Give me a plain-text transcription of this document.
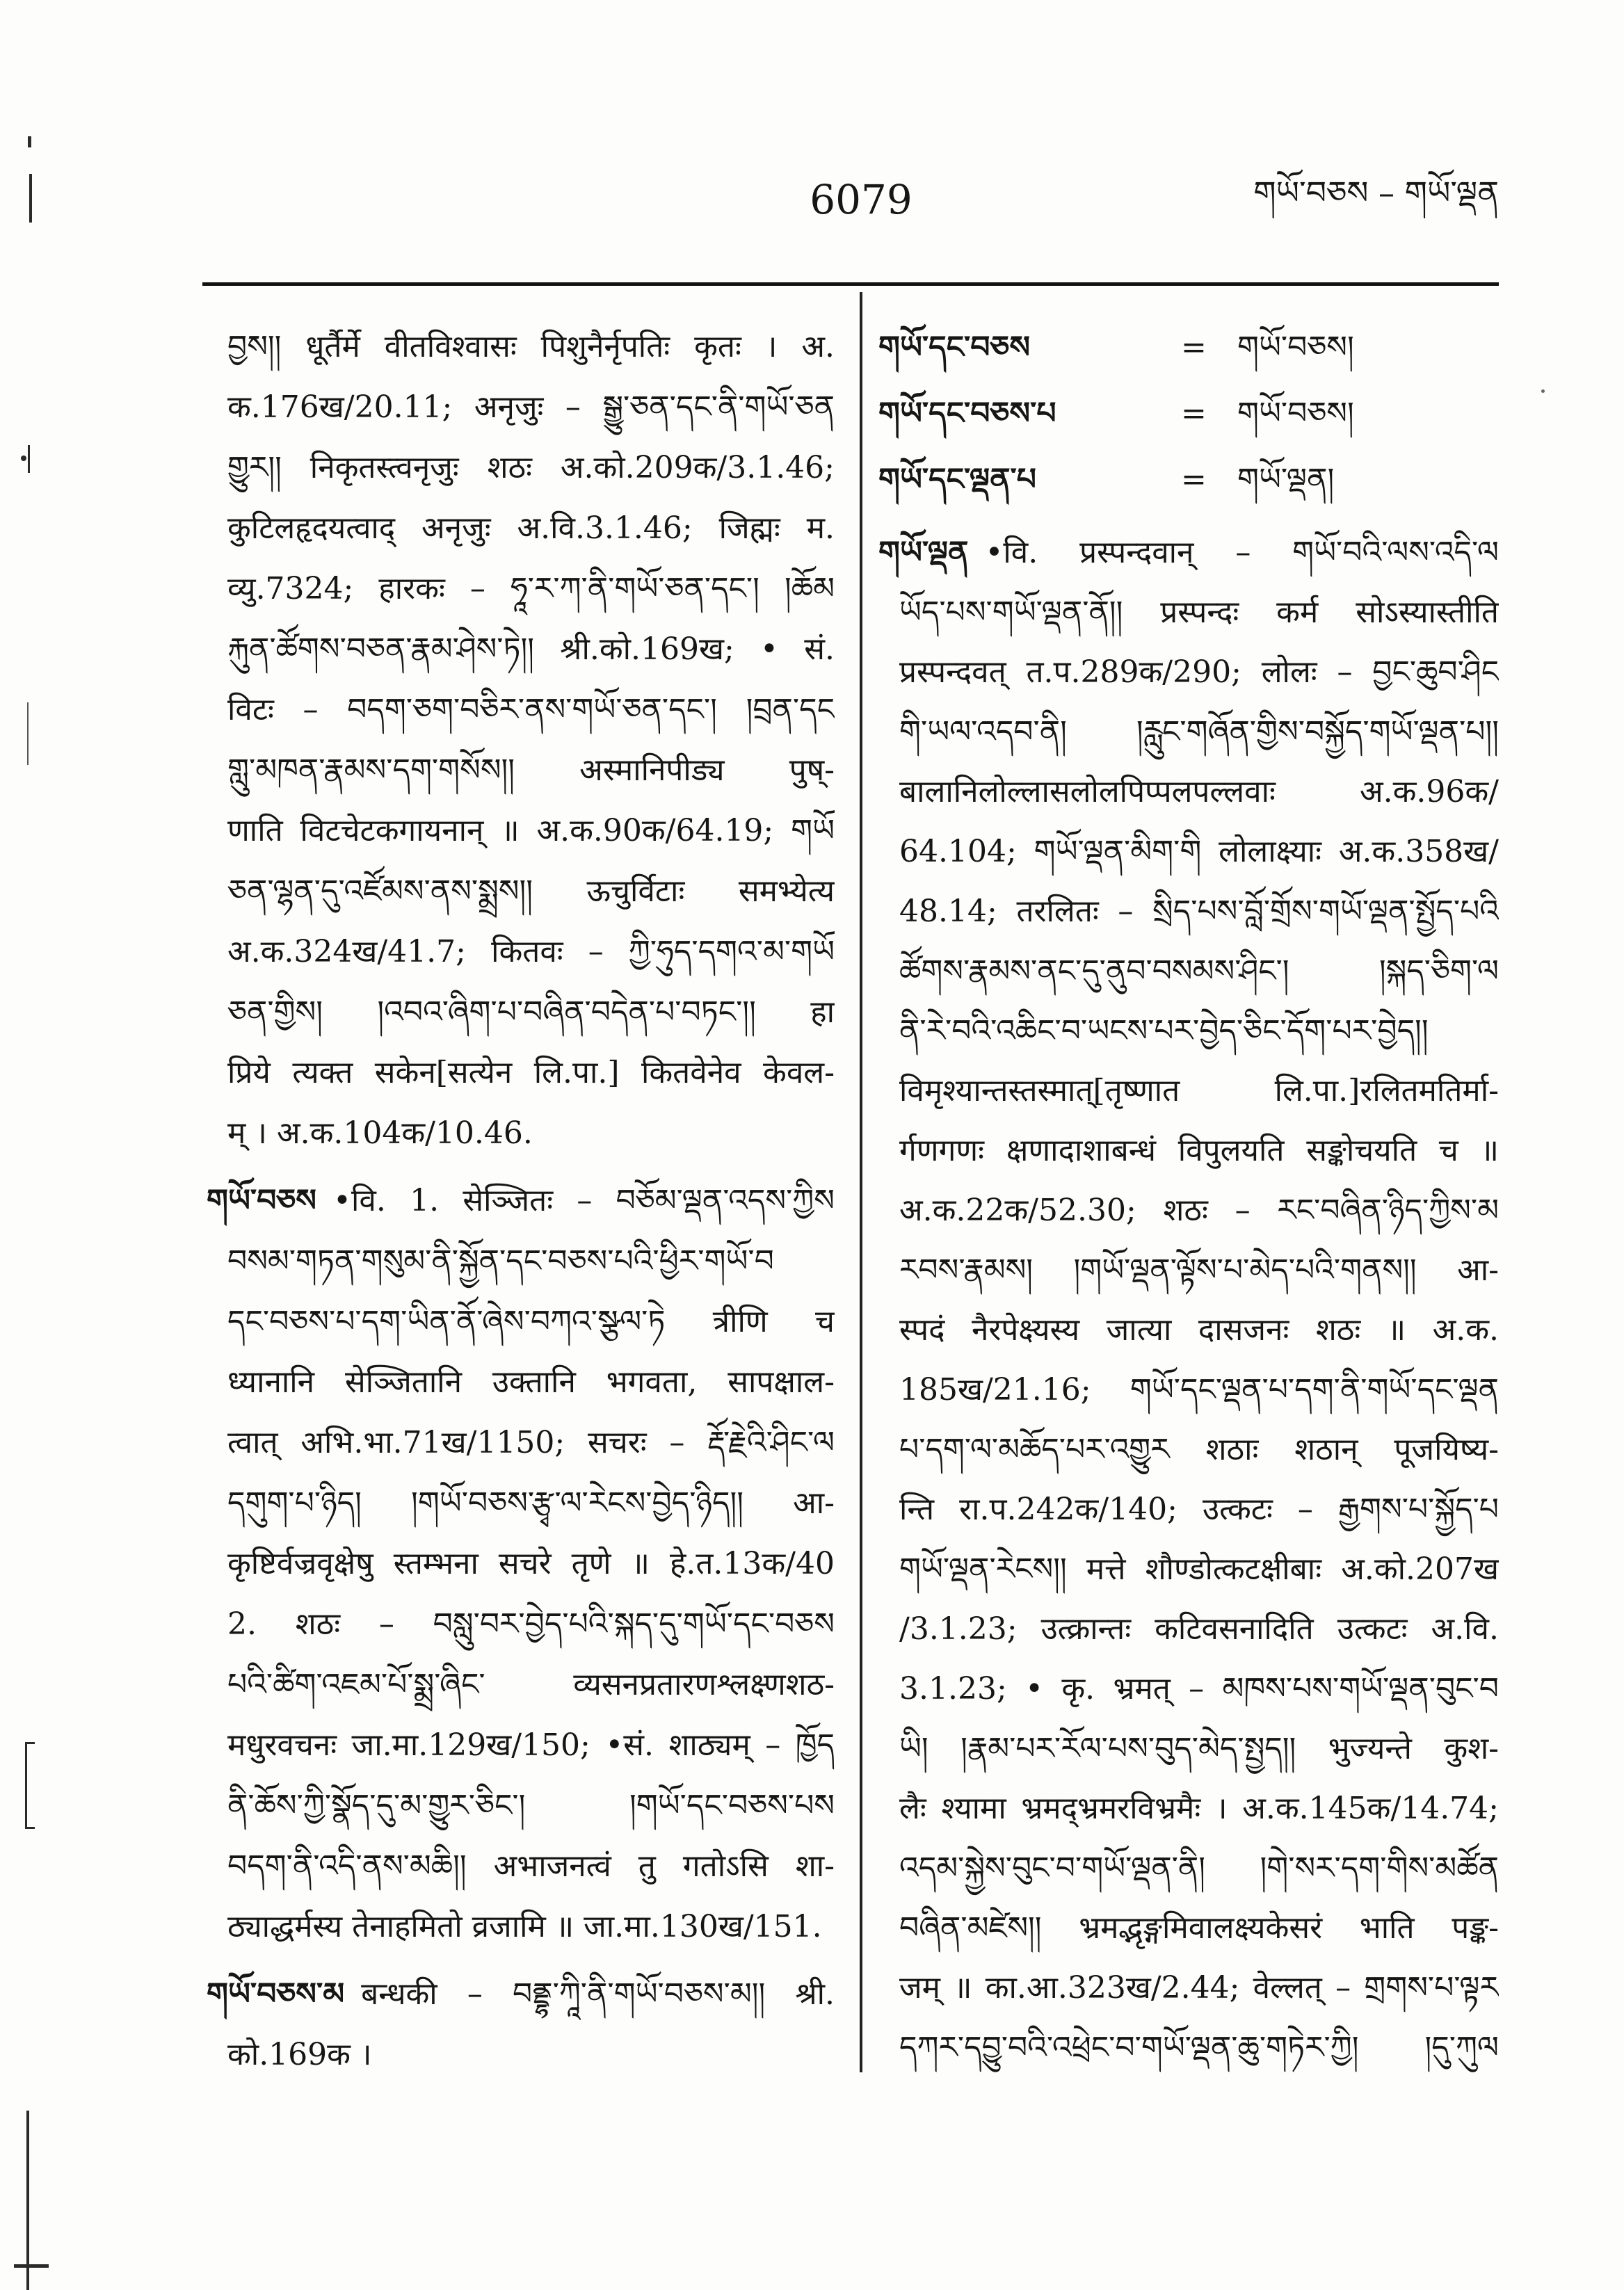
6079	གཡོ་བཅས – གཡོ་ལྡན
བྱས།། धूर्तैर्मे वीतविश्वासः पिशुनैर्नृपतिः कृतः । अ.
क.176ख/20.11; अनृजुः – སྒྱུ་ཅན་དང་ནི་གཡོ་ཅན
གྱུར།། निकृतस्त्वनृजुः शठः अ.को.209क/3.1.46;
कुटिलहृदयत्वाद् अनृजुः अ.वि.3.1.46; जिह्मः म.
व्यु.7324; हारकः – ཧཱ་ར་ཀ་ནི་གཡོ་ཅན་དང་། །ཆོམ
རྐུན་ཚོགས་བཅན་རྣམ་ཤེས་ཏེ།། श्री.को.169ख; • सं.
विटः – བདག་ཅག་བཅིར་ནས་གཡོ་ཅན་དང་། །བྲན་དང
གླུ་མཁན་རྣམས་དག་གསོས།། अस्मानिपीड्य पुष्-
णाति विटचेटकगायनान् ॥ अ.क.90क/64.19; གཡོ
ཅན་ལྷན་དུ་འཛོམས་ནས་སྨྲས།། ऊचुर्विटाः समभ्येत्य
अ.क.324ख/41.7; कितवः – ཀྱི་ཧུད་དགའ་མ་གཡོ
ཅན་གྱིས། །འབའ་ཞིག་པ་བཞིན་བདེན་པ་བཏང་།། हा
प्रिये त्यक्त सकेन[सत्येन लि.पा.] कितवेनेव केवल-
म् । अ.क.104क/10.46.
གཡོ་བཅས •वि. 1. सेञ्जितः – བཅོམ་ལྡན་འདས་ཀྱིས
བསམ་གཏན་གསུམ་ནི་སྐྱོན་དང་བཅས་པའི་ཕྱིར་གཡོ་བ
དང་བཅས་པ་དག་ཡིན་ནོ་ཞེས་བཀའ་སྩལ་ཏེ त्रीणि च
ध्यानानि सेञ्जितानि उक्तानि भगवता, सापक्षाल-
त्वात् अभि.भा.71ख/1150; सचरः – རྡོ་རྗེའི་ཤིང་ལ
དགུག་པ་ཉིད། །གཡོ་བཅས་རྩྭ་ལ་རེངས་བྱེད་ཉིད།། आ-
कृष्टिर्वज्रवृक्षेषु स्तम्भना सचरे तृणे ॥ हे.त.13क/40
2. शठः – བསླུ་བར་བྱེད་པའི་སྐད་དུ་གཡོ་དང་བཅས
པའི་ཚིག་འཇམ་པོ་སྨྲ་ཞིང་ व्यसनप्रतारणश्लक्ष्णशठ-
मधुरवचनः जा.मा.129ख/150; •सं. शाठ्यम् – ཁྱོད
ནི་ཆོས་ཀྱི་སྣོད་དུ་མ་གྱུར་ཅིང་། །གཡོ་དང་བཅས་པས
བདག་ནི་འདི་ནས་མཆི།། अभाजनत्वं तु गतोऽसि शा-
ठ्याद्धर्मस्य तेनाहमितो व्रजामि ॥ जा.मा.130ख/151.
གཡོ་བཅས་མ बन्धकी – བནྡྷ་ཀཱི་ནི་གཡོ་བཅས་མ།། श्री.
को.169क ।
གཡོ་དང་བཅས	= གཡོ་བཅས།
གཡོ་དང་བཅས་པ	= གཡོ་བཅས།
གཡོ་དང་ལྡན་པ	= གཡོ་ལྡན།
གཡོ་ལྡན •वि. प्रस्पन्दवान् – གཡོ་བའི་ལས་འདི་ལ
ཡོད་པས་གཡོ་ལྡན་ནོ།། प्रस्पन्दः कर्म सोऽस्यास्तीति
प्रस्पन्दवत् त.प.289क/290; लोलः – བྱང་ཆུབ་ཤིང
གི་ཡལ་འདབ་ནི། །རླུང་གཞོན་གྱིས་བསྐྱོད་གཡོ་ལྡན་པ།།
बालानिलोल्लासलोलपिप्पलपल्लवाः अ.क.96क/
64.104; གཡོ་ལྡན་མིག་གི लोलाक्ष्याः अ.क.358ख/
48.14; तरलितः – སྲིད་པས་བློ་གྲོས་གཡོ་ལྡན་སྤྱོད་པའི
ཚོགས་རྣམས་ནང་དུ་ནུབ་བསམས་ཤིང་། །སྐད་ཅིག་ལ
ནི་རེ་བའི་འཆིང་བ་ཡངས་པར་བྱེད་ཅིང་དོག་པར་བྱེད།།
विमृश्यान्तस्तस्मात्[तृष्णात लि.पा.]रलितमतिर्मा-
र्गणगणः क्षणादाशाबन्धं विपुलयति सङ्कोचयति च ॥
अ.क.22क/52.30; शठः – རང་བཞིན་ཉིད་ཀྱིས་མ
རབས་རྣམས། །གཡོ་ལྡན་ལྟོས་པ་མེད་པའི་གནས།། आ-
स्पदं नैरपेक्ष्यस्य जात्या दासजनः शठः ॥ अ.क.
185ख/21.16; གཡོ་དང་ལྡན་པ་དག་ནི་གཡོ་དང་ལྡན
པ་དག་ལ་མཆོད་པར་འགྱུར शठाः शठान् पूजयिष्य-
न्ति रा.प.242क/140; उत्कटः – རྒྱགས་པ་སྐྱོད་པ
གཡོ་ལྡན་རེངས།། मत्ते शौण्डोत्कटक्षीबाः अ.को.207ख
/3.1.23; उत्क्रान्तः कटिवसनादिति उत्कटः अ.वि.
3.1.23; • कृ. भ्रमत् – མཁས་པས་གཡོ་ལྡན་བུང་བ
ཡི། །རྣམ་པར་རོལ་པས་བུད་མེད་སྤྱད།། भुज्यन्ते कुश-
लैः श्यामा भ्रमद्भ्रमरविभ्रमैः । अ.क.145क/14.74;
འདམ་སྐྱེས་བུང་བ་གཡོ་ལྡན་ནི། །གེ་སར་དག་གིས་མཚོན
བཞིན་མཛེས།། भ्रमद्भृङ्गमिवालक्ष्यकेसरं भाति पङ्क-
जम् ॥ का.आ.323ख/2.44; वेल्लत् – གྲགས་པ་ལྟར
དཀར་དབྱུ་བའི་འཕྲེང་བ་གཡོ་ལྡན་ཆུ་གཏེར་ཀྱི། །དུ་ཀུལ
